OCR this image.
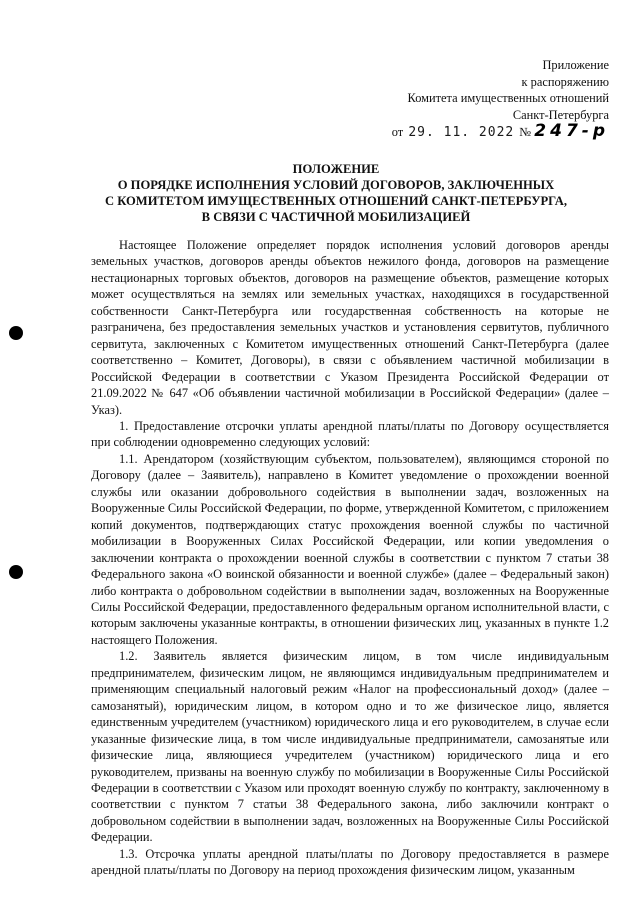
Приложение
к распоряжению
Комитета имущественных отношений
Санкт-Петербурга
от 29. 11. 2022 № 247-р
ПОЛОЖЕНИЕ
О ПОРЯДКЕ ИСПОЛНЕНИЯ УСЛОВИЙ ДОГОВОРОВ, ЗАКЛЮЧЕННЫХ
С КОМИТЕТОМ ИМУЩЕСТВЕННЫХ ОТНОШЕНИЙ САНКТ-ПЕТЕРБУРГА,
В СВЯЗИ С ЧАСТИЧНОЙ МОБИЛИЗАЦИЕЙ

Настоящее Положение определяет порядок исполнения условий договоров аренды земельных участков, договоров аренды объектов нежилого фонда, договоров на размещение нестационарных торговых объектов, договоров на размещение объектов, размещение которых может осуществляться на землях или земельных участках, находящихся в государственной собственности Санкт-Петербурга или государственная собственность на которые не разграничена, без предоставления земельных участков и установления сервитутов, публичного сервитута, заключенных с Комитетом имущественных отношений Санкт-Петербурга (далее соответственно – Комитет, Договоры), в связи с объявлением частичной мобилизации в Российской Федерации в соответствии с Указом Президента Российской Федерации от 21.09.2022 № 647 «Об объявлении частичной мобилизации в Российской Федерации» (далее – Указ).

1. Предоставление отсрочки уплаты арендной платы/платы по Договору осуществляется при соблюдении одновременно следующих условий:

1.1. Арендатором (хозяйствующим субъектом, пользователем), являющимся стороной по Договору (далее – Заявитель), направлено в Комитет уведомление о прохождении военной службы или оказании добровольного содействия в выполнении задач, возложенных на Вооруженные Силы Российской Федерации, по форме, утвержденной Комитетом, с приложением копий документов, подтверждающих статус прохождения военной службы по частичной мобилизации в Вооруженных Силах Российской Федерации, или копии уведомления о заключении контракта о прохождении военной службы в соответствии с пунктом 7 статьи 38 Федерального закона «О воинской обязанности и военной службе» (далее – Федеральный закон) либо контракта о добровольном содействии в выполнении задач, возложенных на Вооруженные Силы Российской Федерации, предоставленного федеральным органом исполнительной власти, с которым заключены указанные контракты, в отношении физических лиц, указанных в пункте 1.2 настоящего Положения.

1.2. Заявитель является физическим лицом, в том числе индивидуальным предпринимателем, физическим лицом, не являющимся индивидуальным предпринимателем и применяющим специальный налоговый режим «Налог на профессиональный доход» (далее – самозанятый), юридическим лицом, в котором одно и то же физическое лицо, является единственным учредителем (участником) юридического лица и его руководителем, в случае если указанные физические лица, в том числе индивидуальные предприниматели, самозанятые или физические лица, являющиеся учредителем (участником) юридического лица и его руководителем, призваны на военную службу по мобилизации в Вооруженные Силы Российской Федерации в соответствии с Указом или проходят военную службу по контракту, заключенному в соответствии с пунктом 7 статьи 38 Федерального закона, либо заключили контракт о добровольном содействии в выполнении задач, возложенных на Вооруженные Силы Российской Федерации.

1.3. Отсрочка уплаты арендной платы/платы по Договору предоставляется в размере арендной платы/платы по Договору на период прохождения физическим лицом, указанным
